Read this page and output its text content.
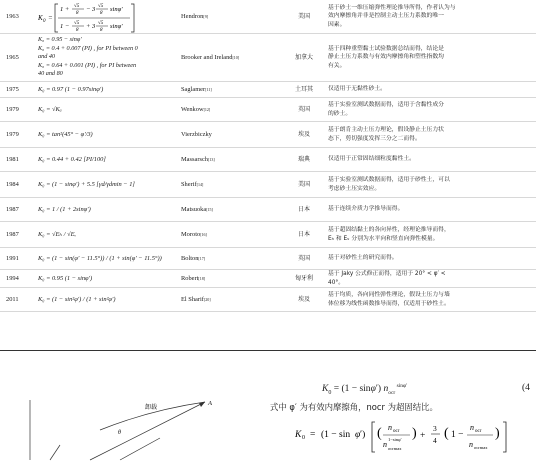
1963	K 0 =
1 + √5
8
− 3 √5
8
sinφ′
1 − √5
8
+ 3 √5
8
sinφ′
Hendron [9]	美国
基于砂土一维压缩弹性理论推导所得，作者认为与
效内摩擦角并非是控制主动土压力系数的唯一
因素。
1965
K₀ = 0.95 − sinφ′
K₀ = 0.4 + 0.007 (PI) , for PI between 0
and 40
K₀ = 0.64 + 0.001 (PI) , for PI between
40 and 80
Brooker and Ireland [10]	加拿大
基于四种重塑黏土试验数据总结而得，结论是
静止土压力系数与有效内摩擦角和塑性指数均
有关。
1975	K₀ = 0.97 (1 − 0.97sinφ′)	Saglamer [11]	土耳其	仅适用于无黏性砂土。
1979	K₀ = √Kₐ	Wenkow [12]	英国
基于实验室测试数据而得，适用于含黏性成分
的砂土。
1979	K₀ = tan²(45° − φ′/3)	Vierzbiczky	埃及
基于朗肯主动土压力理论，假设静止土压力状
态下，剪切强度发挥三分之二而得。
1981	K₀ = 0.44 + 0.42 [PI/100]	Massarsch [13]	瑞典	仅适用于正常固结细粒度黏性土。
1984	K₀ = (1 − sinφ′) + 5.5 [γd/γdmin − 1]	Sherif [14]	美国
基于实验室测试数据而得，适用于砂性土，可以
考虑砂土压实效应。
1987	K₀ = 1 / (1 + 2sinφ′)	Matsuoka [15]	日本	基于连续介质力学推导而得。
1987	K₀ = √Eₕ / √Eᵥ	Moroto [16]	日本
基于超固结黏土的各向异性，经理论推导而得，
Eₕ 和 Eᵥ 分别为水平向和竖直向弹性模量。
1991	K₀ = (1 − sin(φ′ − 11.5°)) / (1 + sin(φ′ − 11.5°))	Bolton [17]	英国	基于对砂性土的研究而得。
1994	K₀ = 0.95 (1 − sinφ′)	Robert [18]	匈牙利
基于 Jaky 公式修正而得，适用于 20° < φ′ <
40°。
2011	K₀ = (1 − sin²φ′) / (1 + sin²φ′)	El Sharif [20]	埃及
基于均质，各向同性弹性理论，假设土压力与墙
体位移为线性函数推导而得，仅适用于砂性土。
卸载
θ
A
$K_0 = (1 - \sin\varphi')$ $n_{ocr}$ $^{sin\varphi'}$	(4
式中 φ′ 为有效内摩擦角，nocr 为超固结比。
K 0 = (1 − sin φ ′) ( n ocr
n
1−sinφ′
ocrmax
) +
3
4 ( 1 −
n ocr
n ocrmax
)
